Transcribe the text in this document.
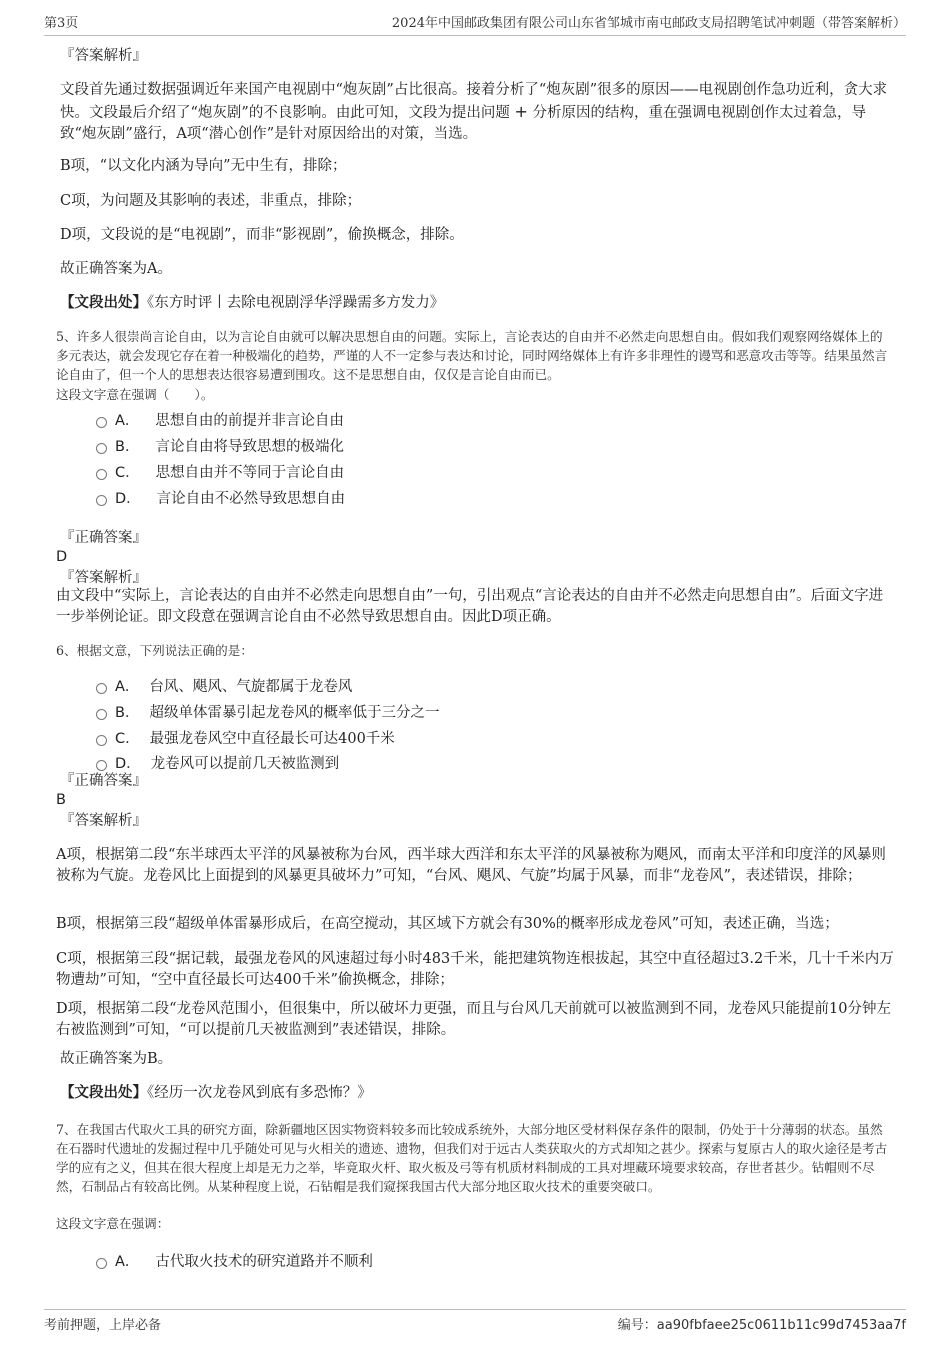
第3页	2024年中国邮政集团有限公司山东省邹城市南屯邮政支局招聘笔试冲刺题（带答案解析）
『答案解析』
文段首先通过数据强调近年来国产电视剧中“炮灰剧”占比很高。接着分析了“炮灰剧”很多的原因——电视剧创作急功近利，贪大求快。文段最后介绍了“炮灰剧”的不良影响。由此可知，文段为提出问题 + 分析原因的结构，重在强调电视剧创作太过着急，导致“炮灰剧”盛行，A项“潜心创作”是针对原因给出的对策，当选。
B项，“以文化内涵为导向”无中生有，排除；
C项，为问题及其影响的表述，非重点，排除；
D项，文段说的是“电视剧”，而非“影视剧”，偷换概念，排除。
故正确答案为A。
【文段出处】《东方时评丨去除电视剧浮华浮躁需多方发力》
5、许多人很崇尚言论自由，以为言论自由就可以解决思想自由的问题。实际上，言论表达的自由并不必然走向思想自由。假如我们观察网络媒体上的多元表达，就会发现它存在着一种极端化的趋势，严谨的人不一定参与表达和讨论，同时网络媒体上有许多非理性的谩骂和恶意攻击等等。结果虽然言论自由了，但一个人的思想表达很容易遭到围攻。这不是思想自由，仅仅是言论自由而已。
这段文字意在强调（　　）。
A． 思想自由的前提并非言论自由
B． 言论自由将导致思想的极端化
C． 思想自由并不等同于言论自由
D． 言论自由不必然导致思想自由
『正确答案』
D
『答案解析』
由文段中“实际上，言论表达的自由并不必然走向思想自由”一句，引出观点“言论表达的自由并不必然走向思想自由”。后面文字进一步举例论证。即文段意在强调言论自由不必然导致思想自由。因此D项正确。
6、根据文意，下列说法正确的是：
A． 台风、飓风、气旋都属于龙卷风
B． 超级单体雷暴引起龙卷风的概率低于三分之一
C． 最强龙卷风空中直径最长可达400千米
D． 龙卷风可以提前几天被监测到
『正确答案』
B
『答案解析』
A项，根据第二段“东半球西太平洋的风暴被称为台风，西半球大西洋和东太平洋的风暴被称为飓风，而南太平洋和印度洋的风暴则被称为气旋。龙卷风比上面提到的风暴更具破坏力”可知，“台风、飓风、气旋”均属于风暴，而非“龙卷风”，表述错误，排除；
B项，根据第三段“超级单体雷暴形成后，在高空搅动，其区域下方就会有30%的概率形成龙卷风”可知，表述正确，当选；
C项，根据第三段“据记载，最强龙卷风的风速超过每小时483千米，能把建筑物连根拔起，其空中直径超过3.2千米，几十千米内万物遭劫”可知，“空中直径最长可达400千米”偷换概念，排除；
D项，根据第二段“龙卷风范围小，但很集中，所以破坏力更强，而且与台风几天前就可以被监测到不同，龙卷风只能提前10分钟左右被监测到”可知，“可以提前几天被监测到”表述错误，排除。
故正确答案为B。
【文段出处】《经历一次龙卷风到底有多恐怖？》
7、在我国古代取火工具的研究方面，除新疆地区因实物资料较多而比较成系统外，大部分地区受材料保存条件的限制，仍处于十分薄弱的状态。虽然在石器时代遗址的发掘过程中几乎随处可见与火相关的遗迹、遗物，但我们对于远古人类获取火的方式却知之甚少。探索与复原古人的取火途径是考古学的应有之义，但其在很大程度上却是无力之举，毕竟取火杆、取火板及弓等有机质材料制成的工具对埋藏环境要求较高，存世者甚少。钻帽则不尽然，石制品占有较高比例。从某种程度上说，石钻帽是我们窥探我国古代大部分地区取火技术的重要突破口。
这段文字意在强调：
A． 古代取火技术的研究道路并不顺利
考前押题，上岸必备	编号：aa90fbfaee25c0611b11c99d7453aa7f
